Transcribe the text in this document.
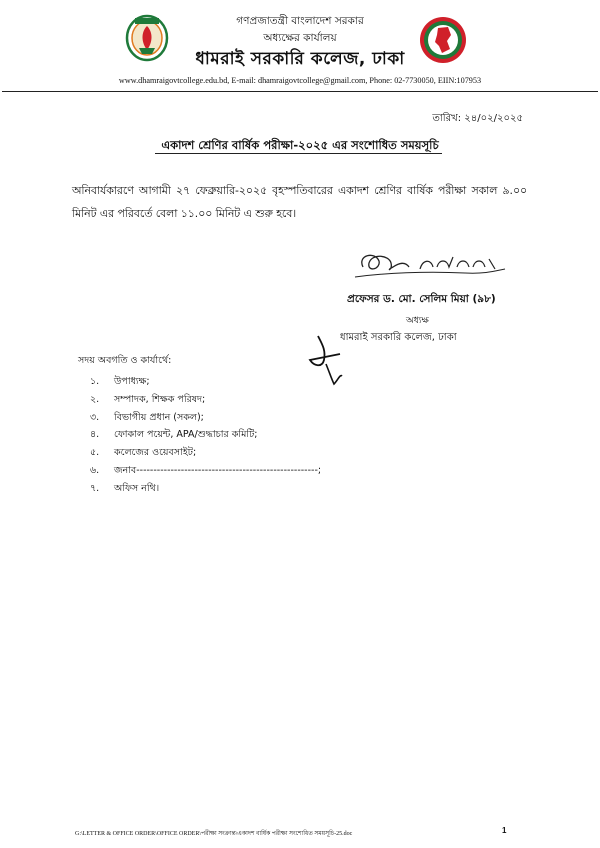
গণপ্রজাতন্ত্রী বাংলাদেশ সরকার
অধ্যক্ষের কার্যালয়
ধামরাই সরকারি কলেজ, ঢাকা
www.dhamraigovtcollege.edu.bd, E-mail: dhamraigovtcollege@gmail.com, Phone: 02-7730050, EIIN:107953
তারিখ: ২৪/০২/২০২৫
একাদশ শ্রেণির বার্ষিক পরীক্ষা-২০২৫ এর সংশোধিত সময়সূচি
অনিবার্যকারণে আগামী ২৭ ফেব্রুয়ারি-২০২৫ বৃহস্পতিবারের একাদশ শ্রেণির বার্ষিক পরীক্ষা সকাল ৯.০০ মিনিট এর পরিবর্তে বেলা ১১.০০ মিনিট এ শুরু হবে।
প্রফেসর ড. মো. সেলিম মিয়া (৯৮)
অধ্যক্ষ
ধামরাই সরকারি কলেজ, ঢাকা
সদয় অবগতি ও কার্যার্থে:
১.	উপাধ্যক্ষ;
২.	সম্পাদক, শিক্ষক পরিষদ;
৩.	বিভাগীয় প্রধান (সকল);
৪.	ফোকাল পয়েন্ট, APA/শুদ্ধাচার কমিটি;
৫.	কলেজের ওয়েবসাইট;
৬.	জনাব-----------------------------------------------------;
৭.	অফিস নথি।
G:\LETTER & OFFICE ORDER\OFFICE ORDER\পরীক্ষা সংক্রান্ত\একাদশ বার্ষিক পরীক্ষা সংশোধিত সময়সূচি-25.doc	1
